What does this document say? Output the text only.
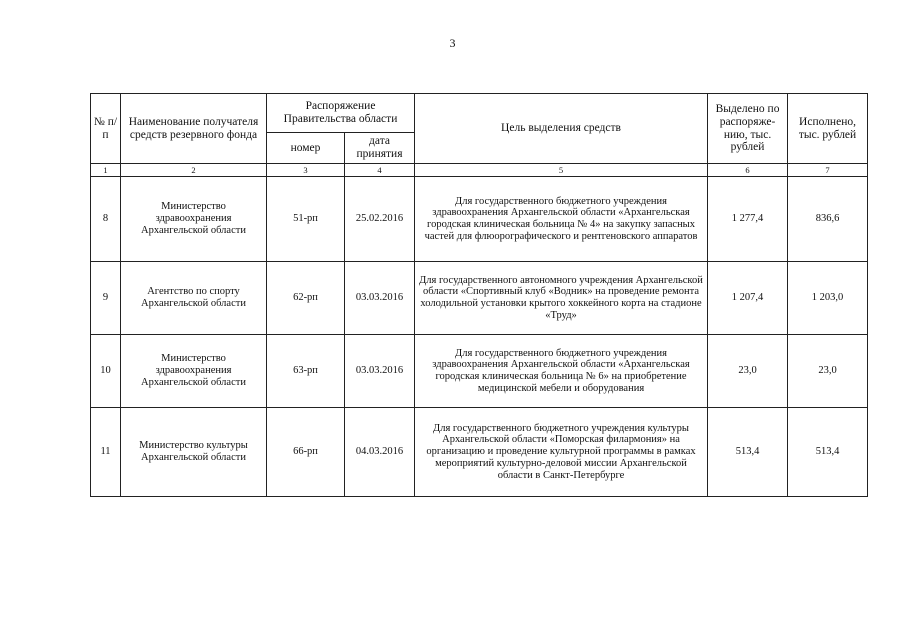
3
№ п/п	Наименование получателя средств резервного фонда	Распоряжение Правительства области		Цель выделения средств	Выделено по распоряже-нию, тыс. рублей	Исполнено, тыс. рублей
		номер	дата принятия			
1	2	3	4	5	6	7
8	Министерство здравоохранения Архангельской области	51-рп	25.02.2016	Для государственного бюджетного учреждения здравоохранения Архангельской области «Архангельская городская клиническая больница № 4» на закупку запасных частей для флюорографического и рентгеновского аппаратов	1 277,4	836,6
9	Агентство по спорту Архангельской области	62-рп	03.03.2016	Для государственного автономного учреждения Архангельской области «Спортивный клуб «Водник» на проведение ремонта холодильной установки крытого хоккейного корта на стадионе «Труд»	1 207,4	1 203,0
10	Министерство здравоохранения Архангельской области	63-рп	03.03.2016	Для государственного бюджетного учреждения здравоохранения Архангельской области «Архангельская городская клиническая больница № 6» на приобретение медицинской мебели и оборудования	23,0	23,0
11	Министерство культуры Архангельской области	66-рп	04.03.2016	Для государственного бюджетного учреждения культуры Архангельской области «Поморская филармония» на организацию и проведение культурной программы в рамках мероприятий культурно-деловой миссии Архангельской области в Санкт-Петербурге	513,4	513,4
